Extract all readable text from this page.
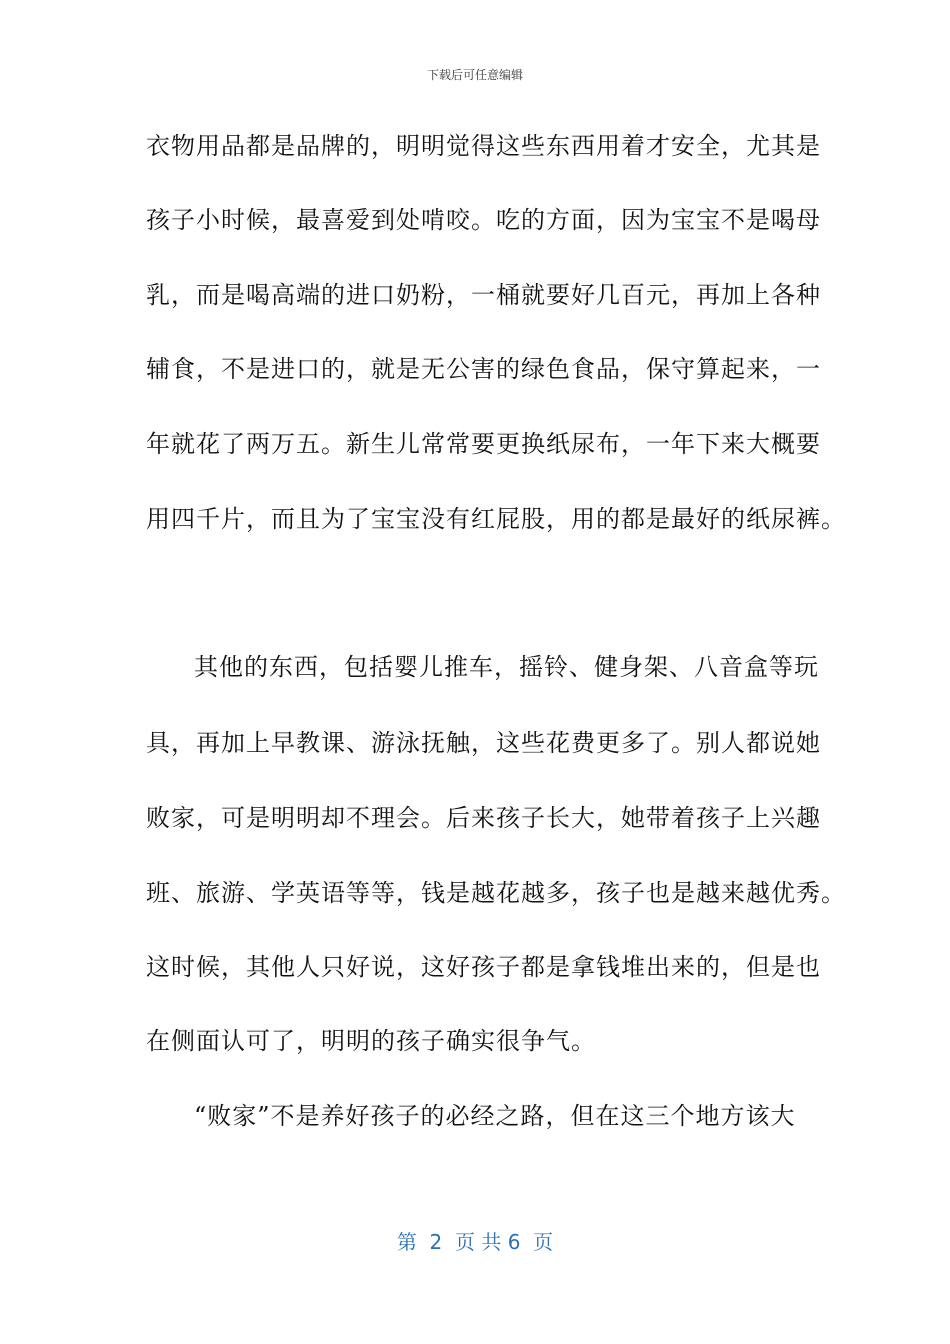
下载后可任意编辑
衣物用品都是品牌的，明明觉得这些东西用着才安全，尤其是
孩子小时候，最喜爱到处啃咬。吃的方面，因为宝宝不是喝母
乳，而是喝高端的进口奶粉，一桶就要好几百元，再加上各种
辅食，不是进口的，就是无公害的绿色食品，保守算起来，一
年就花了两万五。新生儿常常要更换纸尿布，一年下来大概要
用四千片，而且为了宝宝没有红屁股，用的都是最好的纸尿裤。
其他的东西，包括婴儿推车，摇铃、健身架、八音盒等玩
具，再加上早教课、游泳抚触，这些花费更多了。别人都说她
败家，可是明明却不理会。后来孩子长大，她带着孩子上兴趣
班、旅游、学英语等等，钱是越花越多，孩子也是越来越优秀。
这时候，其他人只好说，这好孩子都是拿钱堆出来的，但是也
在侧面认可了，明明的孩子确实很争气。
“败家”不是养好孩子的必经之路，但在这三个地方该大
第  2  页 共 6  页
